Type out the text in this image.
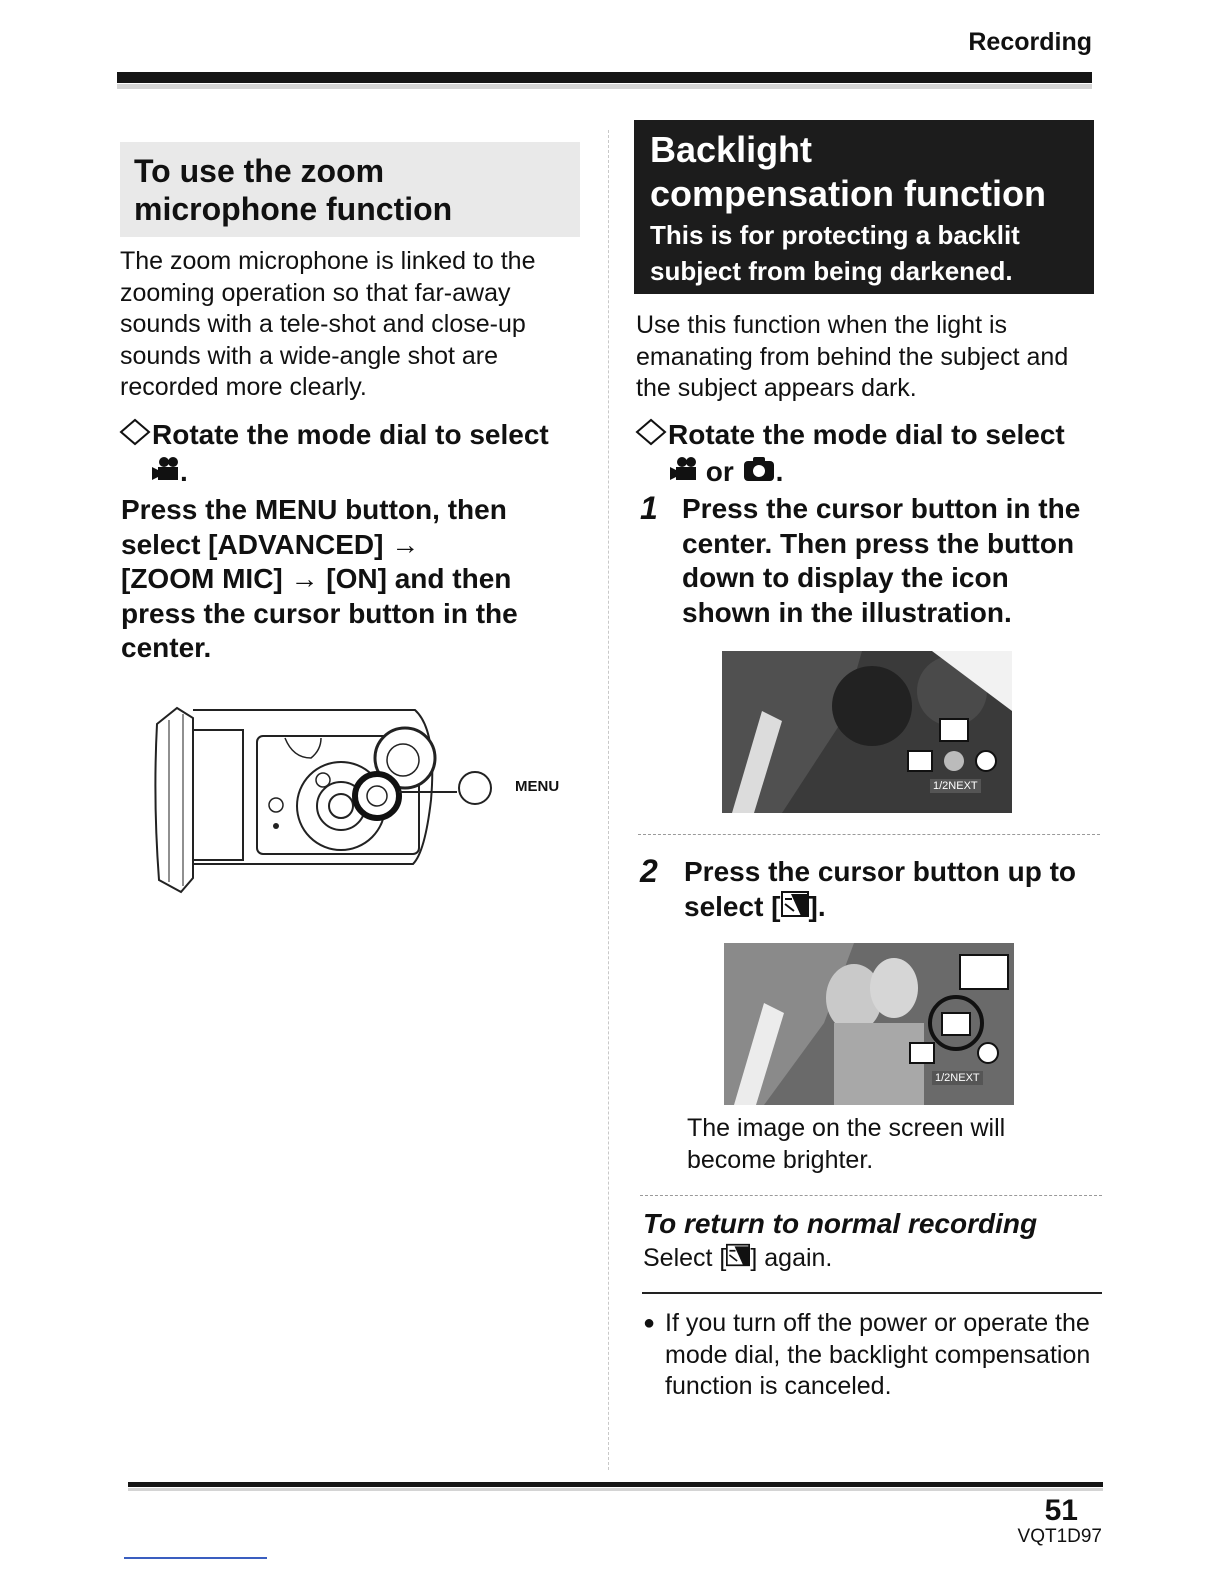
Recording
To use the zoom
microphone function
The zoom microphone is linked to the
zooming operation so that far-away
sounds with a tele-shot and close-up
sounds with a wide-angle shot are
recorded more clearly.
Rotate the mode dial to select
.
Press the MENU button, then
select [ADVANCED] →
[ZOOM MIC] → [ON] and then
press the cursor button in the
center.
MENU
Backlight
compensation function
This is for protecting a backlit
subject from being darkened.
Use this function when the light is
emanating from behind the subject and
the subject appears dark.
Rotate the mode dial to select
or .
1 Press the cursor button in the
center. Then press the button
down to display the icon
shown in the illustration.
1/2NEXT
2 Press the cursor button up to
select [ ].
1/2NEXT
The image on the screen will
become brighter.
To return to normal recording
Select [ ] again.
● If you turn off the power or operate the
mode dial, the backlight compensation
function is canceled.
51
VQT1D97
